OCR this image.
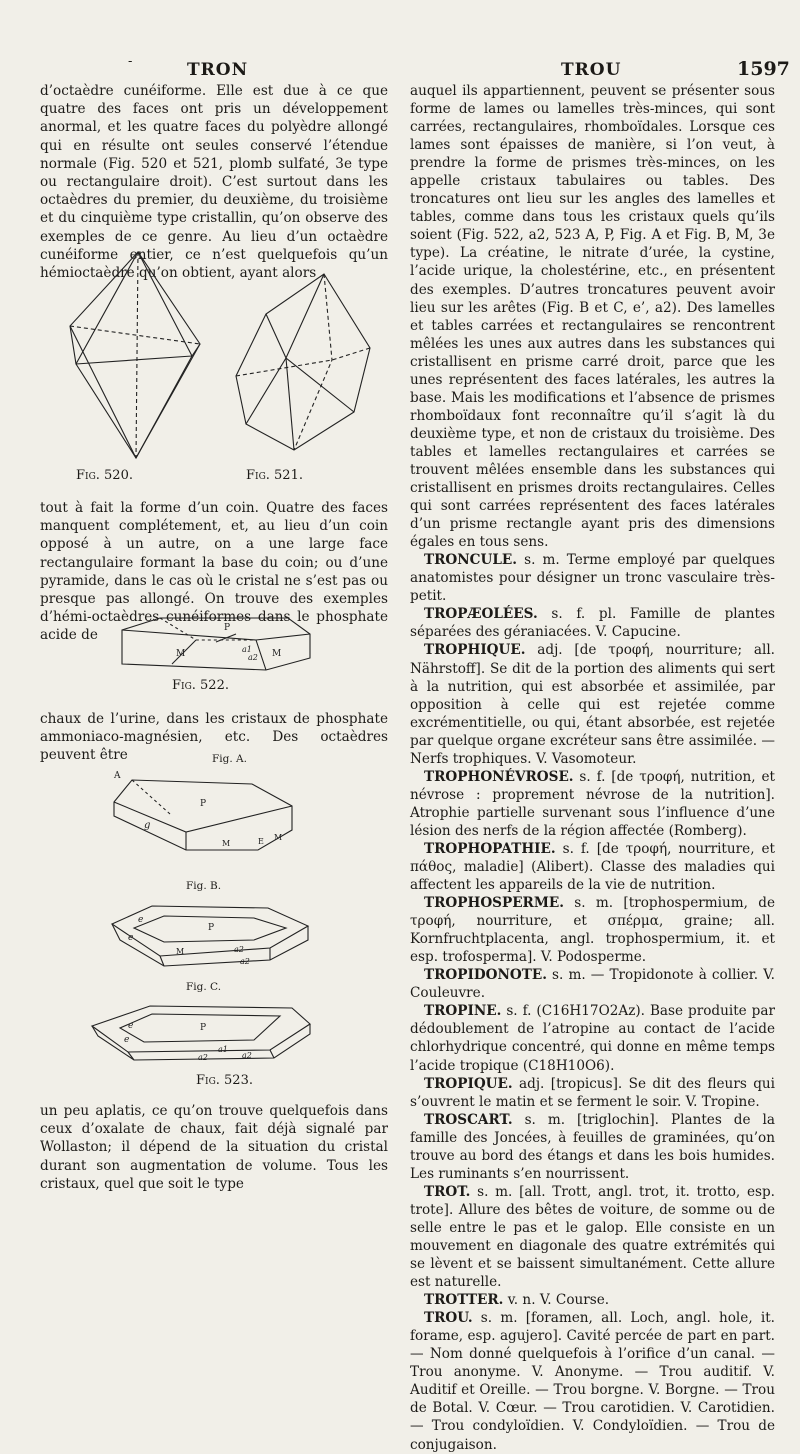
-	TRON	TROU	1597

d’octaèdre cunéiforme. Elle est due à ce que quatre des faces ont pris un développement anormal, et les quatre faces du polyèdre allongé qui en résulte ont seules conservé l’étendue normale (Fig. 520 et 521, plomb sulfaté, 3e type ou rectangulaire droit). C’est surtout dans les octaèdres du premier, du deuxième, du troisième et du cinquième type cristallin, qu’on observe des exemples de ce genre. Au lieu d’un octaèdre cunéiforme entier, ce n’est quelquefois qu’un hémioctaèdre qu’on obtient, ayant alors

Fig. 520.	Fig. 521.

tout à fait la forme d’un coin. Quatre des faces manquent complétement, et, au lieu d’un coin opposé à un autre, on a une large face rectangulaire formant la base du coin; ou d’une pyramide, dans le cas où le cristal ne s’est pas ou presque pas allongé. On trouve des exemples d’hémi-octaèdres cunéiformes dans le phosphate acide de	P
M	M
a1
a2
Fig. 522.

chaux de l’urine, dans les cristaux de phosphate ammoniaco-magnésien, etc. Des octaèdres peuvent être	Fig. A.
A
P
g
M
M
E
Fig. B.
P
e
e
M	a2
a2
Fig. C.
e
e
P
a1
a2
a2
Fig. 523.

un peu aplatis, ce qu’on trouve quelquefois dans ceux d’oxalate de chaux, fait déjà signalé par Wollaston; il dépend de la situation du cristal durant son augmentation de volume. Tous les cristaux, quel que soit le type

auquel ils appartiennent, peuvent se présenter sous forme de lames ou lamelles très-minces, qui sont carrées, rectangulaires, rhomboïdales. Lorsque ces lames sont épaisses de manière, si l’on veut, à prendre la forme de prismes très-minces, on les appelle cristaux tabulaires ou tables. Des troncatures ont lieu sur les angles des lamelles et tables, comme dans tous les cristaux quels qu’ils soient (Fig. 522, a2, 523 A, P, Fig. A et Fig. B, M, 3e type). La créatine, le nitrate d’urée, la cystine, l’acide urique, la cholestérine, etc., en présentent des exemples. D’autres troncatures peuvent avoir lieu sur les arêtes (Fig. B et C, e’, a2). Des lamelles et tables carrées et rectangulaires se rencontrent mêlées les unes aux autres dans les substances qui cristallisent en prisme carré droit, parce que les unes représentent des faces latérales, les autres la base. Mais les modifications et l’absence de prismes rhomboïdaux font reconnaître qu’il s’agit là du deuxième type, et non de cristaux du troisième. Des tables et lamelles rectangulaires et carrées se trouvent mêlées ensemble dans les substances qui cristallisent en prismes droits rectangulaires. Celles qui sont carrées représentent des faces latérales d’un prisme rectangle ayant pris des dimensions égales en tous sens.

TRONCULE. s. m. Terme employé par quelques anatomistes pour désigner un tronc vasculaire très-petit.

TROPÆOLÉES. s. f. pl. Famille de plantes séparées des géraniacées. V. Capucine.

TROPHIQUE. adj. [de τροφή, nourriture; all. Nährstoff]. Se dit de la portion des aliments qui sert à la nutrition, qui est absorbée et assimilée, par opposition à celle qui est rejetée comme excrémentitielle, ou qui, étant absorbée, est rejetée par quelque organe excréteur sans être assimilée. — Nerfs trophiques. V. Vasomoteur.

TROPHONÉVROSE. s. f. [de τροφή, nutrition, et névrose : proprement névrose de la nutrition]. Atrophie partielle survenant sous l’influence d’une lésion des nerfs de la région affectée (Romberg).

TROPHOPATHIE. s. f. [de τροφή, nourriture, et πάθος, maladie] (Alibert). Classe des maladies qui affectent les appareils de la vie de nutrition.

TROPHOSPERME. s. m. [trophospermium, de τροφή, nourriture, et σπέρμα, graine; all. Kornfruchtplacenta, angl. trophospermium, it. et esp. trofosperma]. V. Podosperme.

TROPIDONOTE. s. m. — Tropidonote à collier. V. Couleuvre.

TROPINE. s. f. (C16H17O2Az). Base produite par dédoublement de l’atropine au contact de l’acide chlorhydrique concentré, qui donne en même temps l’acide tropique (C18H10O6).

TROPIQUE. adj. [tropicus]. Se dit des fleurs qui s’ouvrent le matin et se ferment le soir. V. Tropine.

TROSCART. s. m. [triglochin]. Plantes de la famille des Joncées, à feuilles de graminées, qu’on trouve au bord des étangs et dans les bois humides. Les ruminants s’en nourrissent.

TROT. s. m. [all. Trott, angl. trot, it. trotto, esp. trote]. Allure des bêtes de voiture, de somme ou de selle entre le pas et le galop. Elle consiste en un mouvement en diagonale des quatre extrémités qui se lèvent et se baissent simultanément. Cette allure est naturelle.

TROTTER. v. n. V. Course.

TROU. s. m. [foramen, all. Loch, angl. hole, it. forame, esp. agujero]. Cavité percée de part en part. — Nom donné quelquefois à l’orifice d’un canal. — Trou anonyme. V. Anonyme. — Trou auditif. V. Auditif et Oreille. — Trou borgne. V. Borgne. — Trou de Botal. V. Cœur. — Trou carotidien. V. Carotidien. — Trou condyloïdien. V. Condyloïdien. — Trou de conjugaison.
